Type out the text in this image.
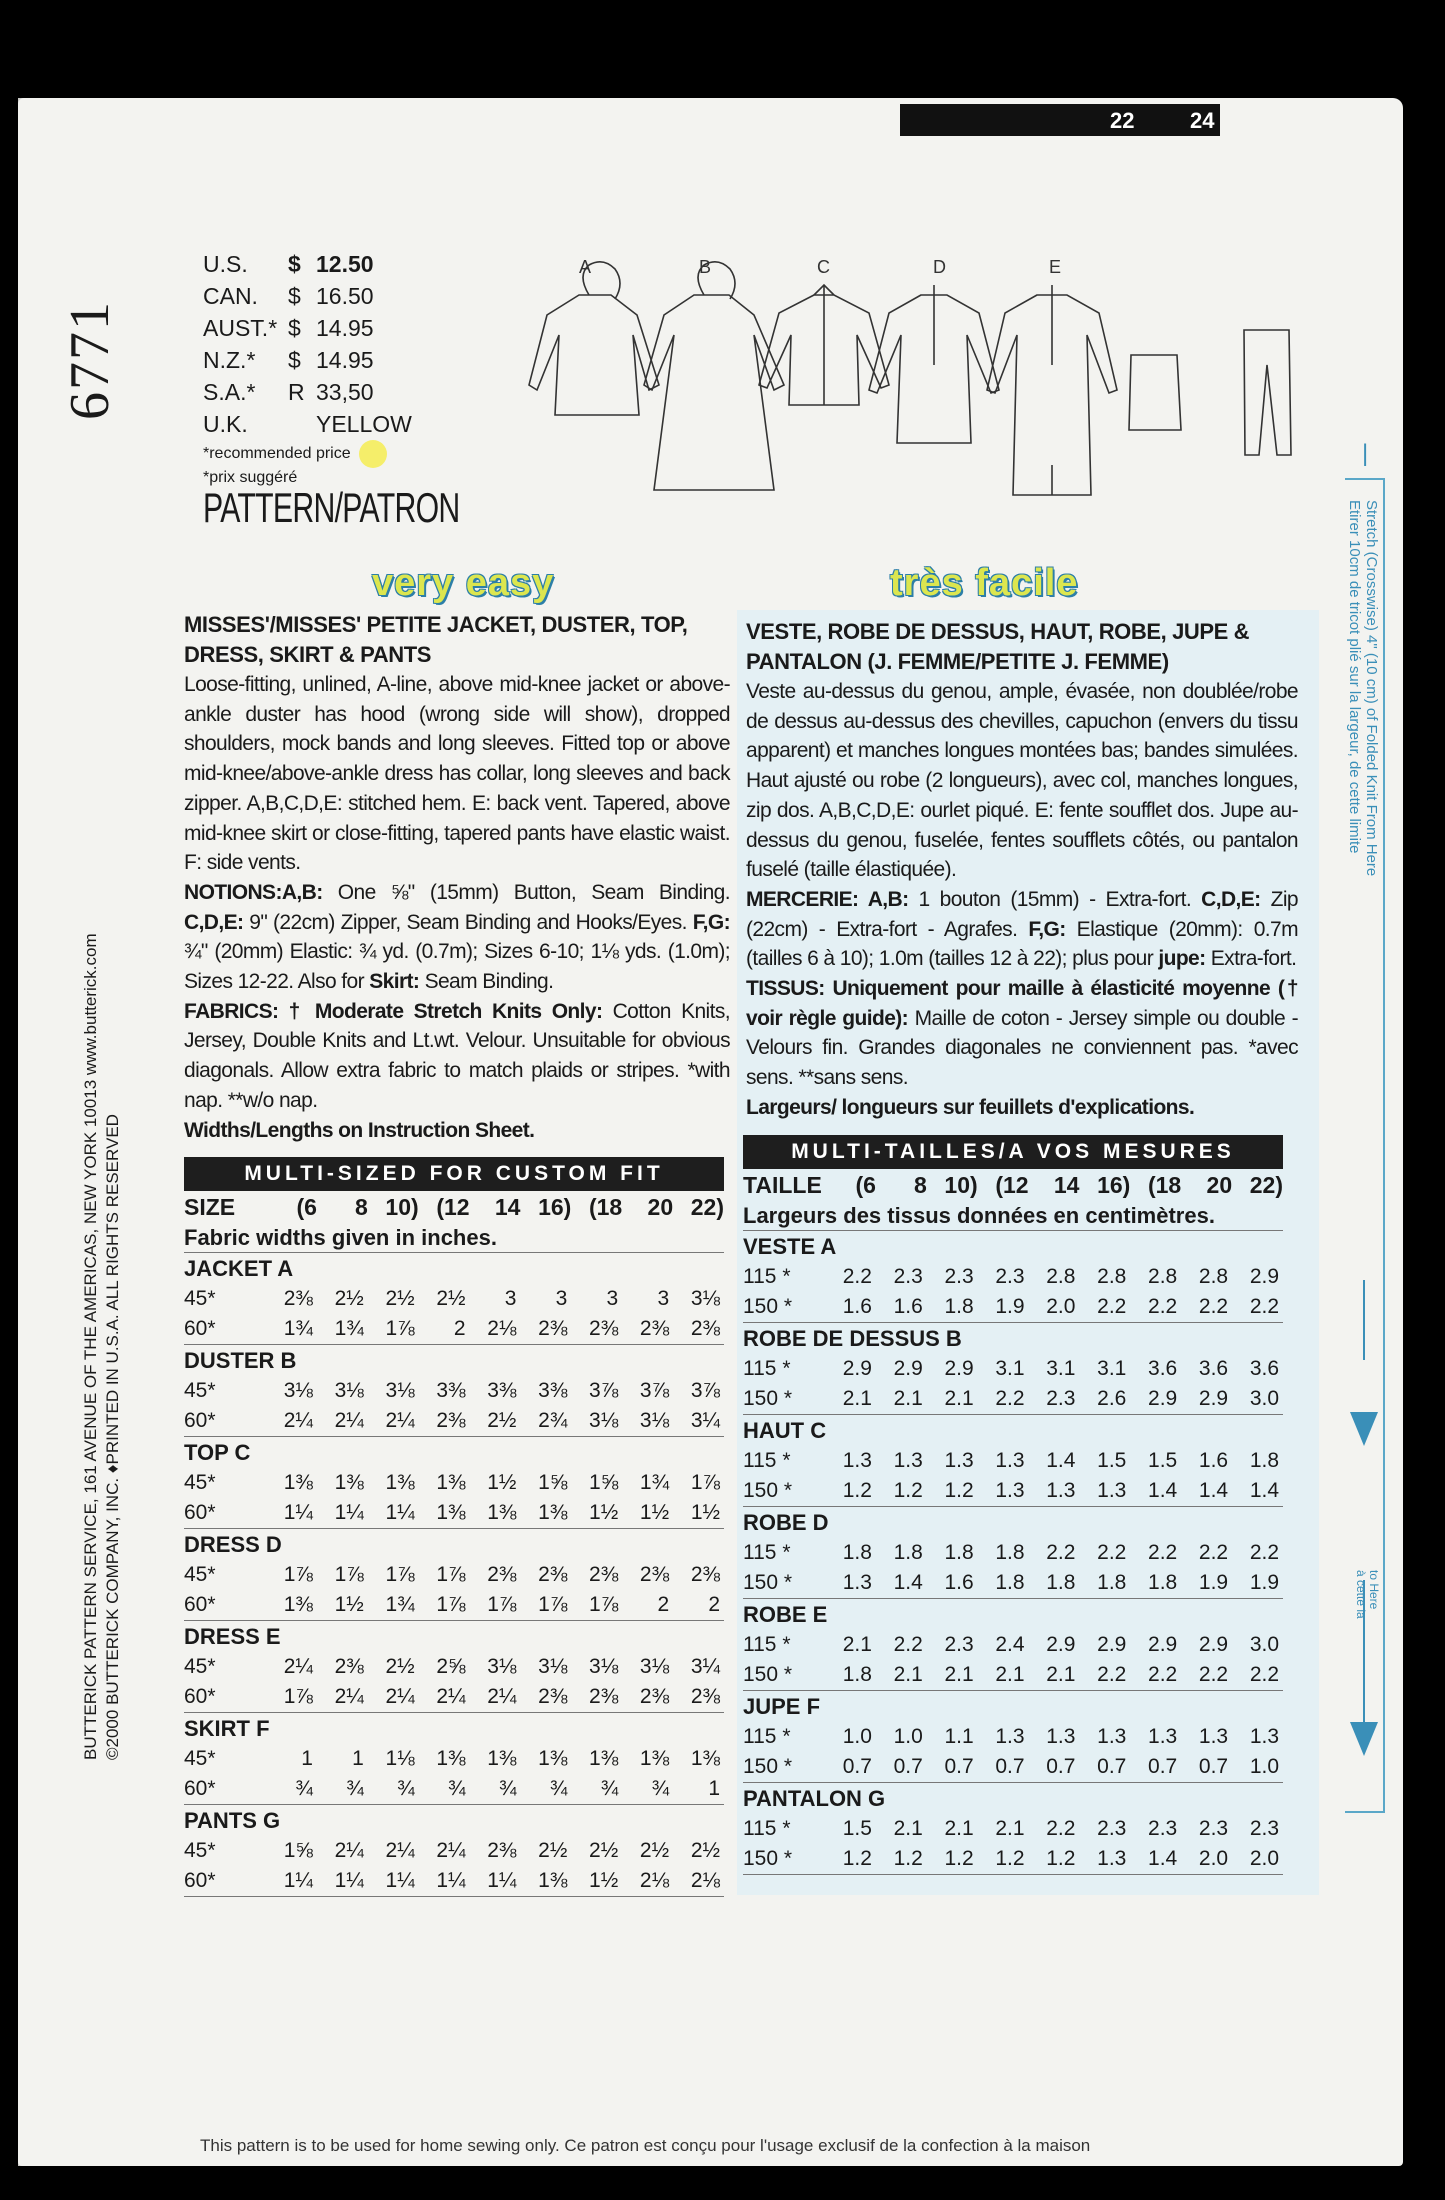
22	24
6771
BUTTERICK PATTERN SERVICE, 161 AVENUE OF THE AMERICAS, NEW YORK 10013 www.butterick.com ©2000 BUTTERICK COMPANY, INC. ♦PRINTED IN U.S.A. ALL RIGHTS RESERVED
U.S.	$ 12.50
CAN.	$ 16.50
AUST.* $ 14.95
N.Z.*	$ 14.95
S.A.*	R 33,50
U.K.	YELLOW
*recommended price
*prix suggéré
PATTERN/PATRON
A	B	C	D	E
very easy	très facile
MISSES'/MISSES' PETITE JACKET, DUSTER, TOP, DRESS, SKIRT & PANTS

Loose-fitting, unlined, A-line, above mid-knee jacket or above-ankle duster has hood (wrong side will show), dropped shoulders, mock bands and long sleeves. Fitted top or above mid-knee/above-ankle dress has collar, long sleeves and back zipper. A,B,C,D,E: stitched hem. E: back vent. Tapered, above mid-knee skirt or close-fitting, tapered pants have elastic waist. F: side vents.

NOTIONS:A,B: One ⅝" (15mm) Button, Seam Binding. C,D,E: 9" (22cm) Zipper, Seam Binding and Hooks/Eyes. F,G: ¾" (20mm) Elastic: ¾ yd. (0.7m); Sizes 6-10; 1⅛ yds. (1.0m); Sizes 12-22. Also for Skirt: Seam Binding.

FABRICS: † Moderate Stretch Knits Only: Cotton Knits, Jersey, Double Knits and Lt.wt. Velour. Unsuitable for obvious diagonals. Allow extra fabric to match plaids or stripes. *with nap. **w/o nap.

Widths/Lengths on Instruction Sheet.

MULTI-SIZED FOR CUSTOM FIT
SIZE	(6	8 10) (12	14 16) (18	20 22)
Fabric widths given in inches.
JACKET A
45*	2⅜	2½	2½	2½	3	3	3	3	3⅛
60*	1¾	1¾	1⅞	2	2⅛	2⅜	2⅜	2⅜	2⅜
DUSTER B
45*	3⅛	3⅛	3⅛	3⅜	3⅜	3⅜	3⅞	3⅞	3⅞
60*	2¼	2¼	2¼	2⅜	2½	2¾	3⅛	3⅛	3¼
TOP C
45*	1⅜	1⅜	1⅜	1⅜	1½	1⅝	1⅝	1¾	1⅞
60*	1¼	1¼	1¼	1⅜	1⅜	1⅜	1½	1½	1½
DRESS D
45*	1⅞	1⅞	1⅞	1⅞	2⅜	2⅜	2⅜	2⅜	2⅜
60*	1⅜	1½	1¾	1⅞	1⅞	1⅞	1⅞	2	2
DRESS E
45*	2¼	2⅜	2½	2⅝	3⅛	3⅛	3⅛	3⅛	3¼
60*	1⅞	2¼	2¼	2¼	2¼	2⅜	2⅜	2⅜	2⅜
SKIRT F
45*	1	1	1⅛	1⅜	1⅜	1⅜	1⅜	1⅜	1⅜
60*	¾	¾	¾	¾	¾	¾	¾	¾	1
PANTS G
45*	1⅝	2¼	2¼	2¼	2⅜	2½	2½	2½	2½
60*	1¼	1¼	1¼	1¼	1¼	1⅜	1½	2⅛	2⅛
VESTE, ROBE DE DESSUS, HAUT, ROBE, JUPE & PANTALON (J. FEMME/PETITE J. FEMME)

Veste au-dessus du genou, ample, évasée, non doublée/robe de dessus au-dessus des chevilles, capuchon (envers du tissu apparent) et manches longues montées bas; bandes simulées. Haut ajusté ou robe (2 longueurs), avec col, manches longues, zip dos. A,B,C,D,E: ourlet piqué. E: fente soufflet dos. Jupe au-dessus du genou, fuselée, fentes soufflets côtés, ou pantalon fuselé (taille élastiquée).

MERCERIE: A,B: 1 bouton (15mm) - Extra-fort. C,D,E: Zip (22cm) - Extra-fort - Agrafes. F,G: Elastique (20mm): 0.7m (tailles 6 à 10); 1.0m (tailles 12 à 22); plus pour jupe: Extra-fort.

TISSUS: Uniquement pour maille à élasticité moyenne († voir règle guide): Maille de coton - Jersey simple ou double - Velours fin. Grandes diagonales ne conviennent pas. *avec sens. **sans sens.

Largeurs/ longueurs sur feuillets d'explications.

MULTI-TAILLES/A VOS MESURES
TAILLE	(6	8 10) (12	14 16) (18	20 22)
Largeurs des tissus données en centimètres.
VESTE A
115 *	2.2	2.3	2.3	2.3	2.8	2.8	2.8	2.8	2.9
150 *	1.6	1.6	1.8	1.9	2.0	2.2	2.2	2.2	2.2
ROBE DE DESSUS B
115 *	2.9	2.9	2.9	3.1	3.1	3.1	3.6	3.6	3.6
150 *	2.1	2.1	2.1	2.2	2.3	2.6	2.9	2.9	3.0
HAUT C
115 *	1.3	1.3	1.3	1.3	1.4	1.5	1.5	1.6	1.8
150 *	1.2	1.2	1.2	1.3	1.3	1.3	1.4	1.4	1.4
ROBE D
115 *	1.8	1.8	1.8	1.8	2.2	2.2	2.2	2.2	2.2
150 *	1.3	1.4	1.6	1.8	1.8	1.8	1.8	1.9	1.9
ROBE E
115 *	2.1	2.2	2.3	2.4	2.9	2.9	2.9	2.9	3.0
150 *	1.8	2.1	2.1	2.1	2.1	2.2	2.2	2.2	2.2
JUPE F
115 *	1.0	1.0	1.1	1.3	1.3	1.3	1.3	1.3	1.3
150 *	0.7	0.7	0.7	0.7	0.7	0.7	0.7	0.7	1.0
PANTALON G
115 *	1.5	2.1	2.1	2.1	2.2	2.3	2.3	2.3	2.3
150 *	1.2	1.2	1.2	1.2	1.2	1.3	1.4	2.0	2.0
|
Stretch (Crosswise) 4" (10 cm) of Folded Knit From Here
Etirer 10cm de tricot plié sur la largeur, de cette limite
to Here
à cette la
This pattern is to be used for home sewing only. Ce patron est conçu pour l'usage exclusif de la confection à la maison
